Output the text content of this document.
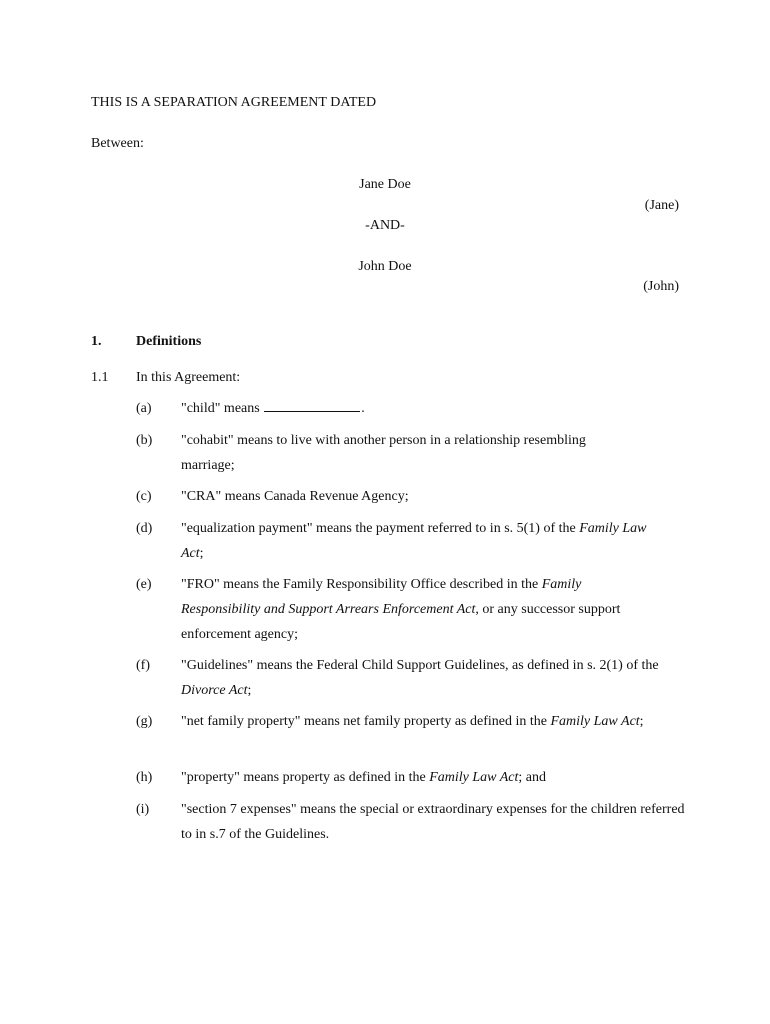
THIS IS A SEPARATION AGREEMENT DATED
Between:
Jane Doe
(Jane)
-AND-
John Doe
(John)
1. Definitions
1.1 In this Agreement:
(a) "child" means	.
(b) "cohabit" means to live with another person in a relationship resembling marriage;
(c) "CRA" means Canada Revenue Agency;
(d) "equalization payment" means the payment referred to in s. 5(1) of the Family Law Act;
(e) "FRO" means the Family Responsibility Office described in the Family Responsibility and Support Arrears Enforcement Act, or any successor support enforcement agency;
(f) "Guidelines" means the Federal Child Support Guidelines, as defined in s. 2(1) of the Divorce Act;
(g) "net family property" means net family property as defined in the Family Law Act;
(h) "property" means property as defined in the Family Law Act; and
(i) "section 7 expenses" means the special or extraordinary expenses for the children referred to in s.7 of the Guidelines.
